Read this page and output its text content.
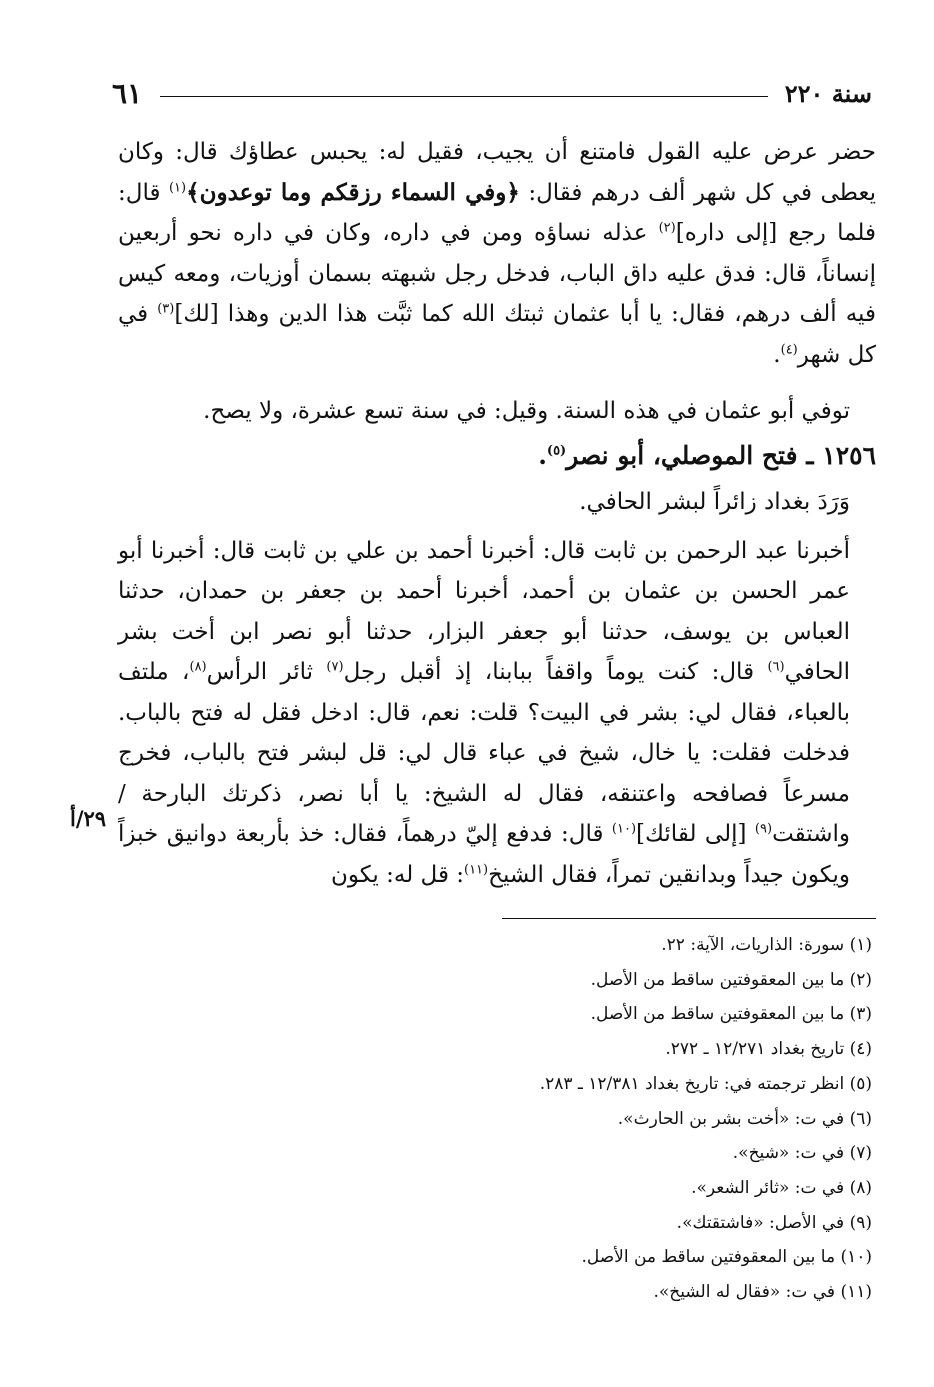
٦١	سنة ٢٢٠

حضر عرض عليه القول فامتنع أن يجيب، فقيل له: يحبس عطاؤك قال: وكان يعطى في كل شهر ألف درهم فقال: ﴿وفي السماء رزقكم وما توعدون﴾$^{(١)}$ قال: فلما رجع [إلى داره]$^{(٢)}$ عذله نساؤه ومن في داره، وكان في داره نحو أربعين إنساناً، قال: فدق عليه داق الباب، فدخل رجل شبهته بسمان أوزيات، ومعه كيس فيه ألف درهم، فقال: يا أبا عثمان ثبتك الله كما ثبَّت هذا الدين وهذا [لك]$^{(٣)}$ في كل شهر$^{(٤)}$.

توفي أبو عثمان في هذه السنة. وقيل: في سنة تسع عشرة، ولا يصح.

١٢٥٦ ـ فتح الموصلي، أبو نصر$^{(٥)}$.

وَرَدَ بغداد زائراً لبشر الحافي.

أخبرنا عبد الرحمن بن ثابت قال: أخبرنا أحمد بن علي بن ثابت قال: أخبرنا أبو عمر الحسن بن عثمان بن أحمد، أخبرنا أحمد بن جعفر بن حمدان، حدثنا العباس بن يوسف، حدثنا أبو جعفر البزار، حدثنا أبو نصر ابن أخت بشر الحافي$^{(٦)}$ قال: كنت يوماً واقفاً ببابنا، إذ أقبل رجل$^{(٧)}$ ثائر الرأس$^{(٨)}$، ملتف بالعباء، فقال لي: بشر في البيت؟ قلت: نعم، قال: ادخل فقل له فتح بالباب. فدخلت فقلت: يا خال، شيخ في عباء قال لي: قل لبشر فتح بالباب، فخرج مسرعاً فصافحه واعتنقه، فقال له الشيخ: يا أبا نصر، ذكرتك البارحة / واشتقت$^{(٩)}$ [إلى لقائك]$^{(١٠)}$ قال: فدفع إليّ درهماً، فقال: خذ بأربعة دوانيق خبزاً ويكون جيداً وبدانقين تمراً، فقال الشيخ$^{(١١)}$: قل له: يكون

٢٩/أ
(١) سورة: الذاريات، الآية: ٢٢.
(٢) ما بين المعقوفتين ساقط من الأصل.
(٣) ما بين المعقوفتين ساقط من الأصل.
(٤) تاريخ بغداد ١٢/٢٧١ ـ ٢٧٢.
(٥) انظر ترجمته في: تاريخ بغداد ١٢/٣٨١ ـ ٢٨٣.
(٦) في ت: «أخت بشر بن الحارث».
(٧) في ت: «شيخ».
(٨) في ت: «ثائر الشعر».
(٩) في الأصل: «فاشتقتك».
(١٠) ما بين المعقوفتين ساقط من الأصل.
(١١) في ت: «فقال له الشيخ».
